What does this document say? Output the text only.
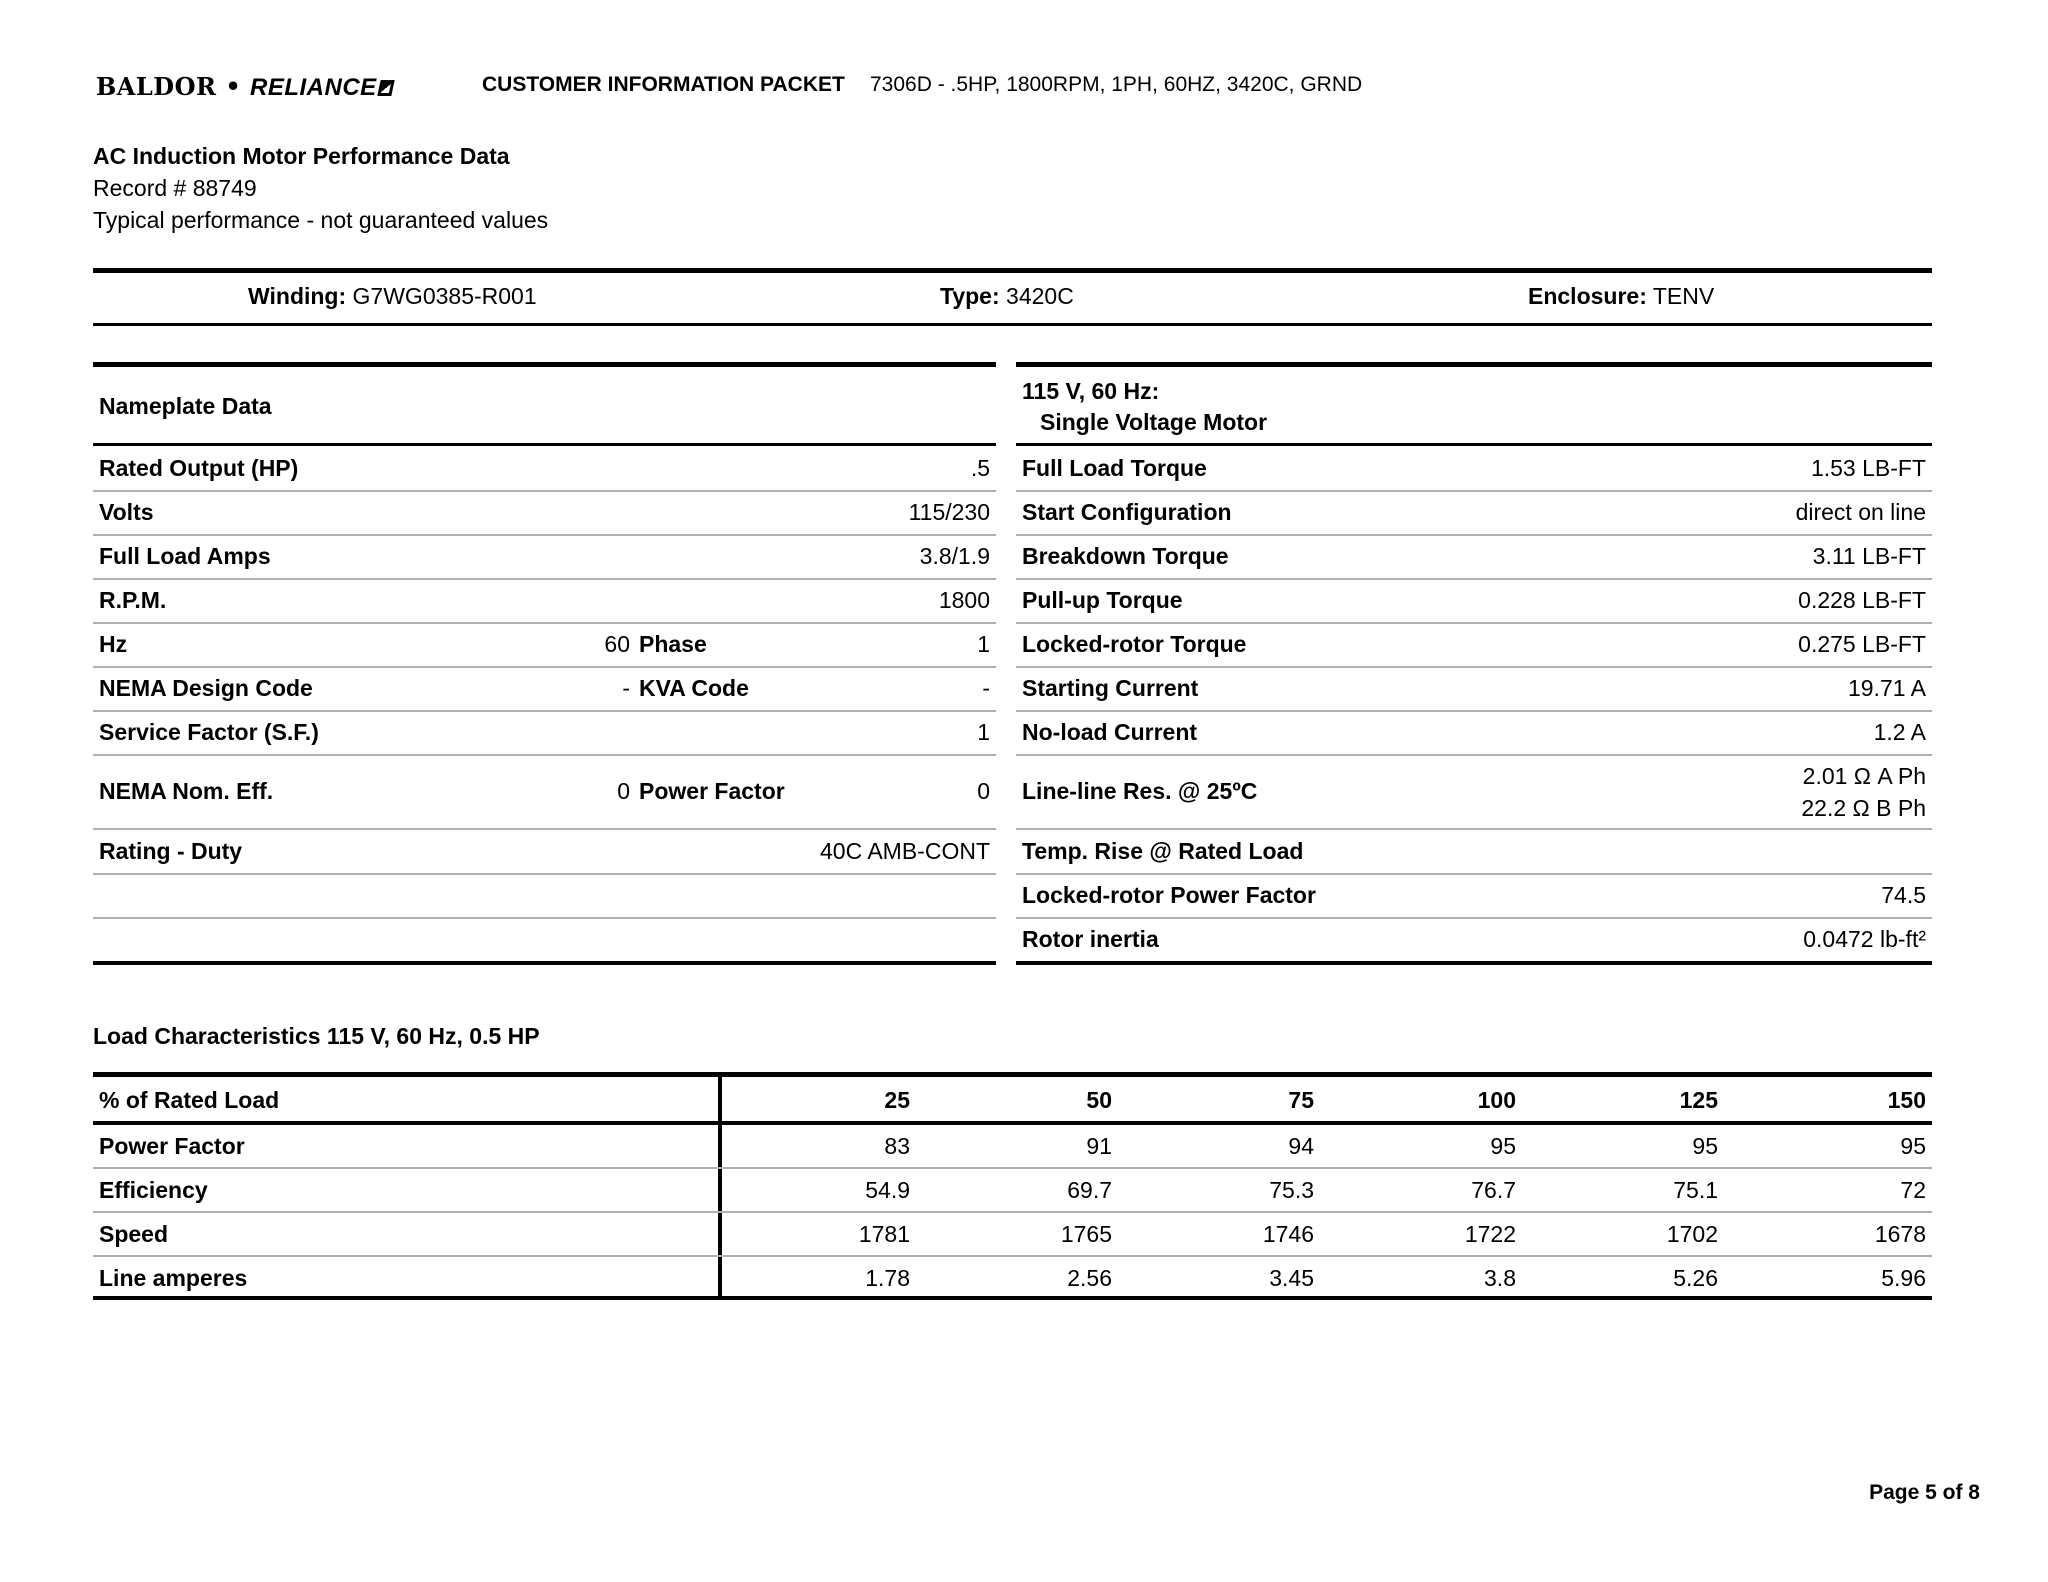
BALDOR • RELIANCE	CUSTOMER INFORMATION PACKET 7306D - .5HP, 1800RPM, 1PH, 60HZ, 3420C, GRND
AC Induction Motor Performance Data
Record # 88749
Typical performance - not guaranteed values
Winding: G7WG0385-R001	Type: 3420C	Enclosure: TENV
Nameplate Data
Rated Output (HP)	.5
Volts	115/230
Full Load Amps	3.8/1.9
R.P.M.	1800
Hz	60 Phase	1
NEMA Design Code	- KVA Code	-
Service Factor (S.F.)	1
NEMA Nom. Eff.	0 Power Factor	0
Rating - Duty	40C AMB-CONT
115 V, 60 Hz:
Single Voltage Motor
Full Load Torque	1.53 LB-FT
Start Configuration	direct on line
Breakdown Torque	3.11 LB-FT
Pull-up Torque	0.228 LB-FT
Locked-rotor Torque	0.275 LB-FT
Starting Current	19.71 A
No-load Current	1.2 A
Line-line Res. @ 25ºC
2.01 Ω A Ph
22.2 Ω B Ph
Temp. Rise @ Rated Load
Locked-rotor Power Factor	74.5
Rotor inertia	0.0472 lb-ft²
Load Characteristics 115 V, 60 Hz, 0.5 HP
% of Rated Load	25	50	75	100	125	150
Power Factor	83	91	94	95	95	95
Efficiency	54.9	69.7	75.3	76.7	75.1	72
Speed	1781	1765	1746	1722	1702	1678
Line amperes	1.78	2.56	3.45	3.8	5.26	5.96
Page 5 of 8
